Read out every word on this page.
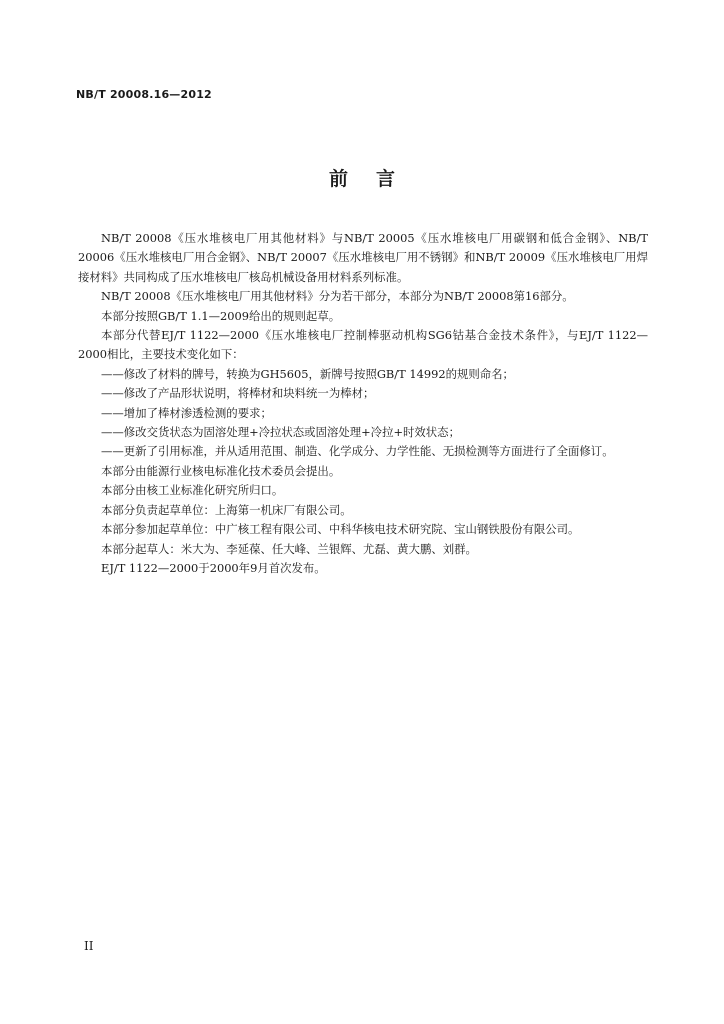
NB/T 20008.16—2012
前言

NB/T 20008《压水堆核电厂用其他材料》与NB/T 20005《压水堆核电厂用碳钢和低合金钢》、NB/T 20006《压水堆核电厂用合金钢》、NB/T 20007《压水堆核电厂用不锈钢》和NB/T 20009《压水堆核电厂用焊接材料》共同构成了压水堆核电厂核岛机械设备用材料系列标准。

NB/T 20008《压水堆核电厂用其他材料》分为若干部分，本部分为NB/T 20008第16部分。

本部分按照GB/T 1.1—2009给出的规则起草。

本部分代替EJ/T 1122—2000《压水堆核电厂控制棒驱动机构SG6钴基合金技术条件》，与EJ/T 1122—2000相比，主要技术变化如下：

——修改了材料的牌号，转换为GH5605，新牌号按照GB/T 14992的规则命名；

——修改了产品形状说明，将棒材和块料统一为棒材；

——增加了棒材渗透检测的要求；

——修改交货状态为固溶处理+冷拉状态或固溶处理+冷拉+时效状态；

——更新了引用标准，并从适用范围、制造、化学成分、力学性能、无损检测等方面进行了全面修订。

本部分由能源行业核电标准化技术委员会提出。

本部分由核工业标准化研究所归口。

本部分负责起草单位：上海第一机床厂有限公司。

本部分参加起草单位：中广核工程有限公司、中科华核电技术研究院、宝山钢铁股份有限公司。

本部分起草人：米大为、李延葆、任大峰、兰银辉、尤磊、黄大鹏、刘群。

EJ/T 1122—2000于2000年9月首次发布。

II
